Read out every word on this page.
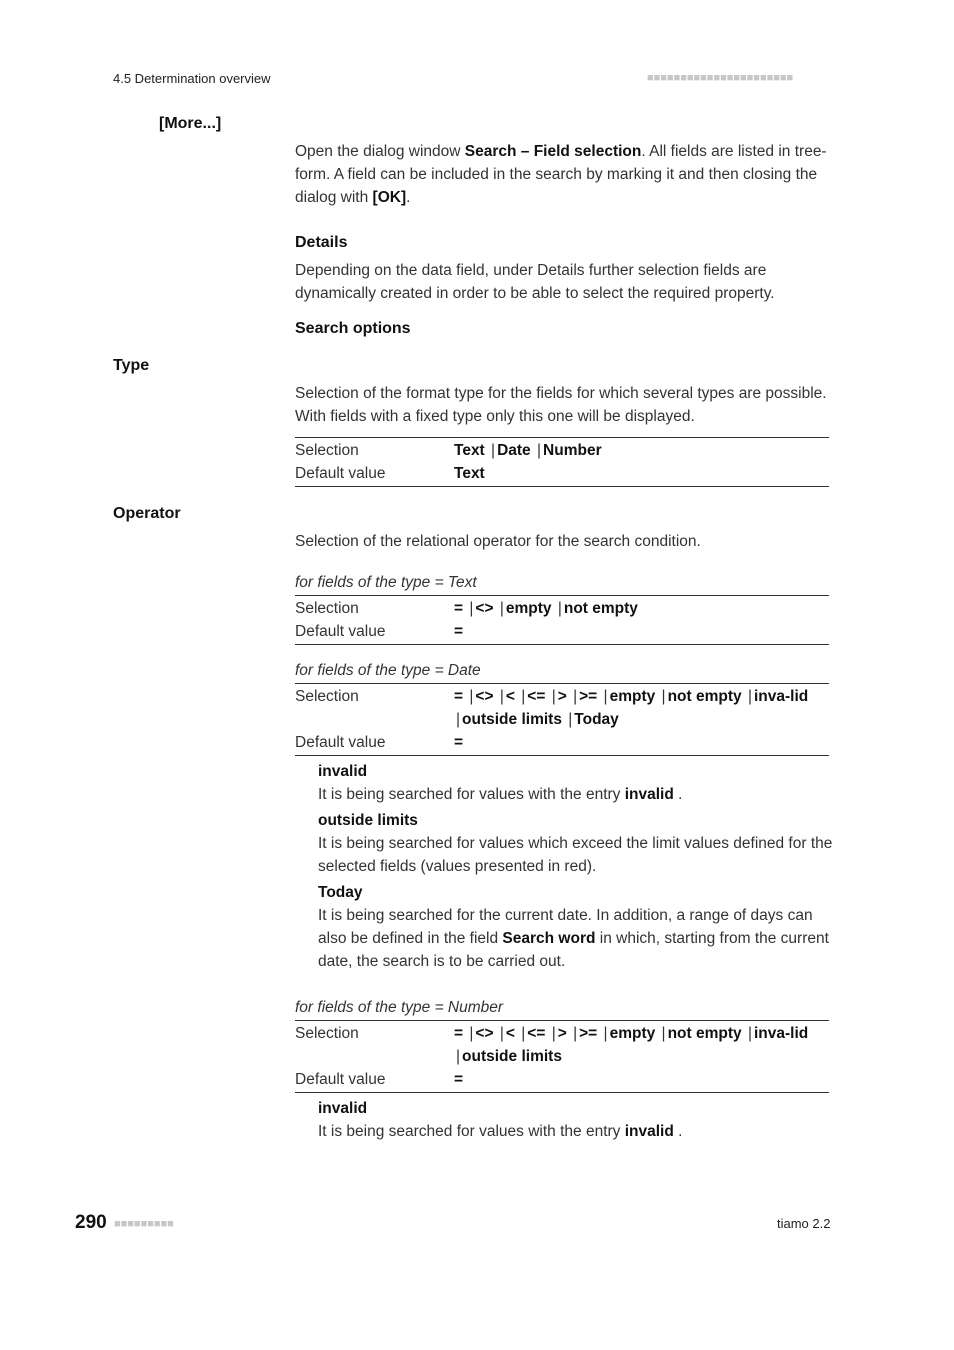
4.5 Determination overview	■■■■■■■■■■■■■■■■■■■■■■
[More...]
Open the dialog window Search – Field selection. All fields are listed in tree-form. A field can be included in the search by marking it and then closing the dialog with [OK].
Details
Depending on the data field, under Details further selection fields are dynamically created in order to be able to select the required property.
Search options
Type
Selection of the format type for the fields for which several types are possible. With fields with a fixed type only this one will be displayed.
Selection	Text | Date | Number
Default value	Text
Operator
Selection of the relational operator for the search condition.
for fields of the type = Text
Selection	= | <> | empty | not empty
Default value	=
for fields of the type = Date
Selection	= | <> | < | <= | > | >= | empty | not empty | inva-lid | outside limits | Today
Default value	=
invalid
It is being searched for values with the entry invalid .
outside limits
It is being searched for values which exceed the limit values defined for the selected fields (values presented in red).
Today
It is being searched for the current date. In addition, a range of days can also be defined in the field Search word in which, starting from the current date, the search is to be carried out.
for fields of the type = Number
Selection	= | <> | < | <= | > | >= | empty | not empty | inva-lid | outside limits
Default value	=
invalid
It is being searched for values with the entry invalid .
290 ■■■■■■■■■	tiamo 2.2
